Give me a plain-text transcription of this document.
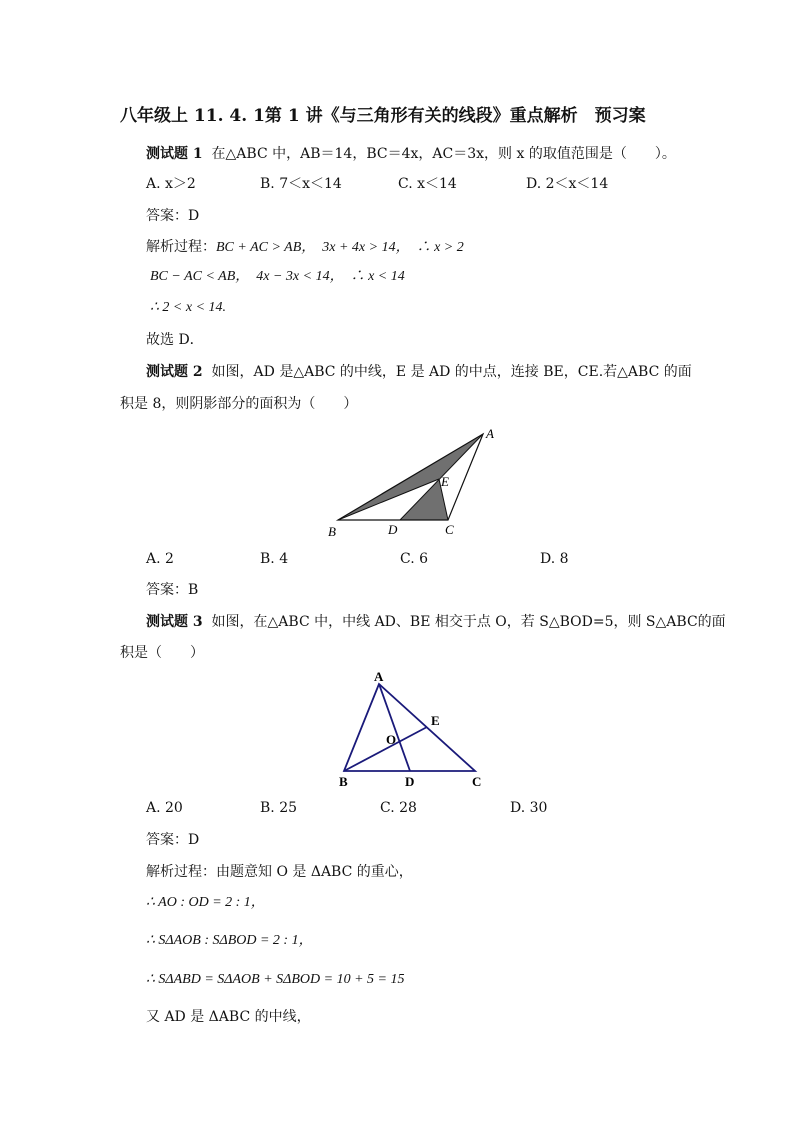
八年级上 11. 4. 1第 1 讲《与三角形有关的线段》重点解析　预习案
测试题 1 在△ABC 中，AB＝14，BC＝4x，AC＝3x，则 x 的取值范围是（　　）。
A. x＞2	B. 7＜x＜14	C. x＜14	D. 2＜x＜14
答案：D
解析过程：BC + AC > AB，　3x + 4x > 14，　∴ x > 2
BC − AC < AB，　4x − 3x < 14，　∴ x < 14
∴ 2 < x < 14.
故选 D．
测试题 2 如图，AD 是△ABC 的中线，E 是 AD 的中点，连接 BE，CE.若△ABC 的面
积是 8，则阴影部分的面积为（　　）
A
E
B	D	C
A. 2	B. 4	C. 6	D. 8
答案：B
测试题 3 如图，在△ABC 中，中线 AD、BE 相交于点 O，若 S△BOD=5，则 S△ABC的面
积是（　　）
A
E
O
B	D	C
A. 20	B. 25	C. 28	D. 30
答案：D
解析过程：由题意知 O 是 ΔABC 的重心，
∴ AO : OD = 2 : 1，
∴ SΔAOB : SΔBOD = 2 : 1，
∴ SΔABD = SΔAOB + SΔBOD = 10 + 5 = 15
又 AD 是 ΔABC 的中线，
